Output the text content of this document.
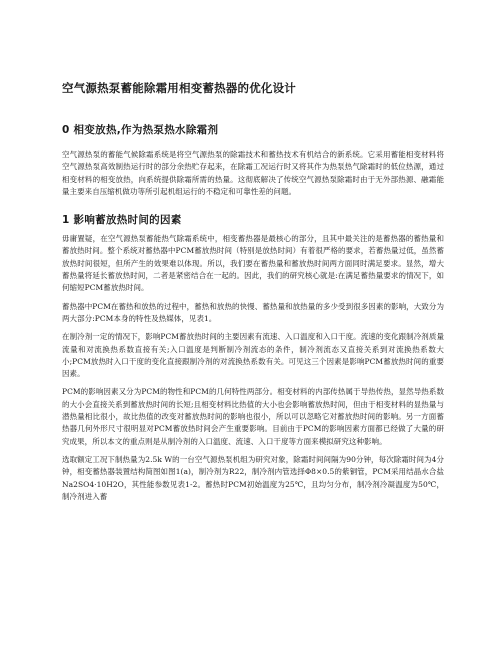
空气源热泵蓄能除霜用相变蓄热器的优化设计
0 相变放热,作为热泵热水除霜剂

空气源热泵的蓄能气候除霜系统是将空气源热泵的除霜技术和蓄热技术有机结合的新系统。它采用蓄能相变材料将空气源热泵高效制热运行时的部分余热贮存起来，在除霜工况运行时又将其作为热泵热气除霜时的低位热源，通过相变材料的相变放热，向系统提供除霜所需的热量。这彻底解决了传统空气源热泵除霜时由于无外部热源、融霜能量主要来自压缩机做功等所引起机组运行的不稳定和可靠性差的问题。

1 影响蓄放热时间的因素

毋庸置疑，在空气源热泵蓄能热气除霜系统中，相变蓄热器是最核心的部分，且其中最关注的是蓄热器的蓄热量和蓄放热时间。整个系统对蓄热器中PCM蓄放热时间（特别是放热时间）有着很严格的要求，若蓄热量过低，虽然蓄放热时间很短，但所产生的效果难以体现。所以，我们要在蓄热量和蓄放热时间两方面同时满足要求。显然，增大蓄热量将延长蓄放热时间，二者是紧密结合在一起的。因此，我们的研究核心就是:在满足蓄热量要求的情况下，如何缩短PCM蓄放热时间。

蓄热器中PCM在蓄热和放热的过程中，蓄热和放热的快慢、蓄热量和放热量的多少受到很多因素的影响，大致分为两大部分:PCM本身的特性及热媒体，见表1。

在制冷剂一定的情况下，影响PCM蓄放热时间的主要因素有流速、入口温度和入口干度。流速的变化跟制冷剂质量流量和对流换热系数直接有关;入口温度是判断制冷剂流态的条件，制冷剂流态又直接关系到对流换热系数大小;PCM放热时入口干度的变化直接跟制冷剂的对流换热系数有关。可见这三个因素是影响PCM蓄放热时间的重要因素。

PCM的影响因素又分为PCM的物性和PCM的几何特性两部分。相变材料的内部传热属于导热传热，显然导热系数的大小会直接关系到蓄放热时间的长短;且相变材料比热值的大小也会影响蓄放热时间，但由于相变材料的显热量与潜热量相比很小，故比热值的改变对蓄放热时间的影响也很小，所以可以忽略它对蓄放热时间的影响。另一方面蓄热器几何外形尺寸很明显对PCM蓄放热时间会产生重要影响。目前由于PCM的影响因素方面都已经做了大量的研究成果，所以本文的重点则是从制冷剂的入口温度、流速、入口干度等方面来模拟研究这种影响。

选取额定工况下制热量为2.5k W的一台空气源热泵机组为研究对象，除霜时间间隔为90分钟，每次除霜时间为4分钟，相变蓄热器装置结构简图如图1(a)，制冷剂为R22，制冷剂内管选择Φ8×0.5的紫铜管，PCM采用结晶水合盐Na2SO4·10H2O，其性能参数见表1-2。蓄热时PCM初始温度为25℃，且均匀分布，制冷剂冷凝温度为50℃，制冷剂进入蓄
